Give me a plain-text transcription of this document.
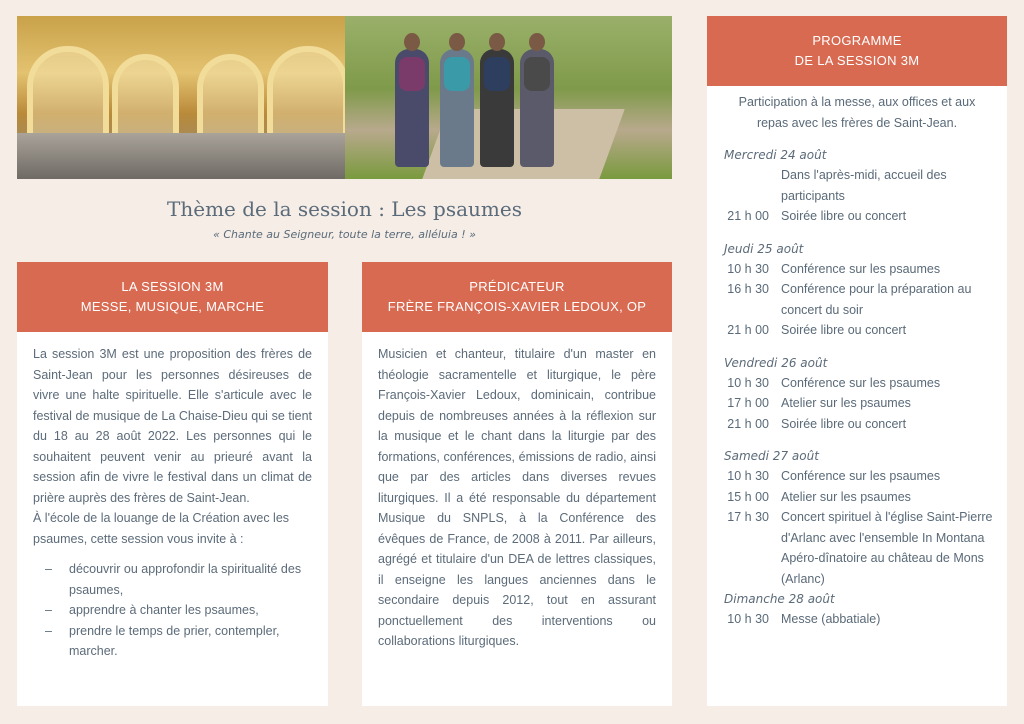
Thème de la session : Les psaumes
« Chante au Seigneur, toute la terre, alléluia ! »
LA SESSION 3M
MESSE, MUSIQUE, MARCHE
La session 3M est une proposition des frères de Saint-Jean pour les personnes désireuses de vivre une halte spirituelle. Elle s'articule avec le festival de musique de La Chaise-Dieu qui se tient du 18 au 28 août 2022. Les personnes qui le souhaitent peuvent venir au prieuré avant la session afin de vivre le festival dans un climat de prière auprès des frères de Saint-Jean.
À l'école de la louange de la Création avec les psaumes, cette session vous invite à :
– découvrir ou approfondir la spiritualité des psaumes,
– apprendre à chanter les psaumes,
– prendre le temps de prier, contempler, marcher.
PRÉDICATEUR
FRÈRE FRANÇOIS-XAVIER LEDOUX, OP
Musicien et chanteur, titulaire d'un master en théologie sacramentelle et liturgique, le père François-Xavier Ledoux, dominicain, contribue depuis de nombreuses années à la réflexion sur la musique et le chant dans la liturgie par des formations, conférences, émissions de radio, ainsi que par des articles dans diverses revues liturgiques. Il a été responsable du département Musique du SNPLS, à la Conférence des évêques de France, de 2008 à 2011. Par ailleurs, agrégé et titulaire d'un DEA de lettres classiques, il enseigne les langues anciennes dans le secondaire depuis 2012, tout en assurant ponctuellement des interventions ou collaborations liturgiques.
PROGRAMME
DE LA SESSION 3M
Participation à la messe, aux offices et aux repas avec les frères de Saint-Jean.
Mercredi 24 août
Dans l'après-midi, accueil des participants
21 h 00 Soirée libre ou concert
Jeudi 25 août
10 h 30 Conférence sur les psaumes
16 h 30 Conférence pour la préparation au concert du soir
21 h 00 Soirée libre ou concert
Vendredi 26 août
10 h 30 Conférence sur les psaumes
17 h 00 Atelier sur les psaumes
21 h 00 Soirée libre ou concert
Samedi 27 août
10 h 30 Conférence sur les psaumes
15 h 00 Atelier sur les psaumes
17 h 30 Concert spirituel à l'église Saint-Pierre d'Arlanc avec l'ensemble In Montana Apéro-dînatoire au château de Mons (Arlanc)
Dimanche 28 août
10 h 30 Messe (abbatiale)
